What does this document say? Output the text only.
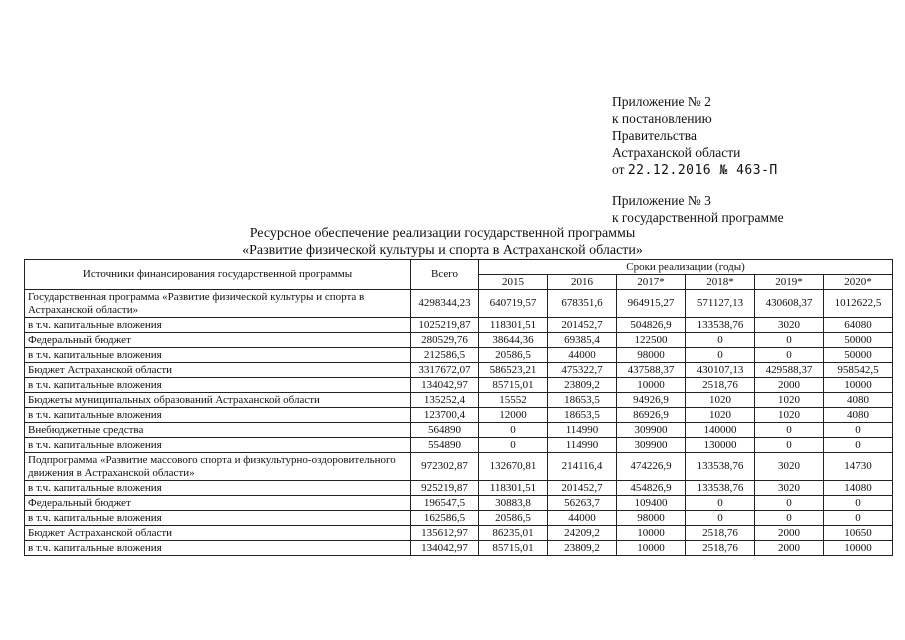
Приложение № 2
к постановлению
Правительства
Астраханской области
от 22.12.2016 № 463-П
Приложение № 3
к государственной программе
Ресурсное обеспечение реализации государственной программы
«Развитие физической культуры и спорта в Астраханской области»
Источники финансирования государственной программы	Всего	Сроки реализации (годы)					
		2015	2016	2017*	2018*	2019*	2020*
Государственная программа «Развитие физической культуры и спорта в Астраханской области»	4298344,23	640719,57	678351,6	964915,27	571127,13	430608,37	1012622,5
в т.ч. капитальные вложения	1025219,87	118301,51	201452,7	504826,9	133538,76	3020	64080
Федеральный бюджет	280529,76	38644,36	69385,4	122500	0	0	50000
в т.ч. капитальные вложения	212586,5	20586,5	44000	98000	0	0	50000
Бюджет Астраханской области	3317672,07	586523,21	475322,7	437588,37	430107,13	429588,37	958542,5
в т.ч. капитальные вложения	134042,97	85715,01	23809,2	10000	2518,76	2000	10000
Бюджеты муниципальных образований Астраханской области	135252,4	15552	18653,5	94926,9	1020	1020	4080
в т.ч. капитальные вложения	123700,4	12000	18653,5	86926,9	1020	1020	4080
Внебюджетные средства	564890	0	114990	309900	140000	0	0
в т.ч. капитальные вложения	554890	0	114990	309900	130000	0	0
Подпрограмма «Развитие массового спорта и физкультурно-оздоровительного движения в Астраханской области»	972302,87	132670,81	214116,4	474226,9	133538,76	3020	14730
в т.ч. капитальные вложения	925219,87	118301,51	201452,7	454826,9	133538,76	3020	14080
Федеральный бюджет	196547,5	30883,8	56263,7	109400	0	0	0
в т.ч. капитальные вложения	162586,5	20586,5	44000	98000	0	0	0
Бюджет Астраханской области	135612,97	86235,01	24209,2	10000	2518,76	2000	10650
в т.ч. капитальные вложения	134042,97	85715,01	23809,2	10000	2518,76	2000	10000
